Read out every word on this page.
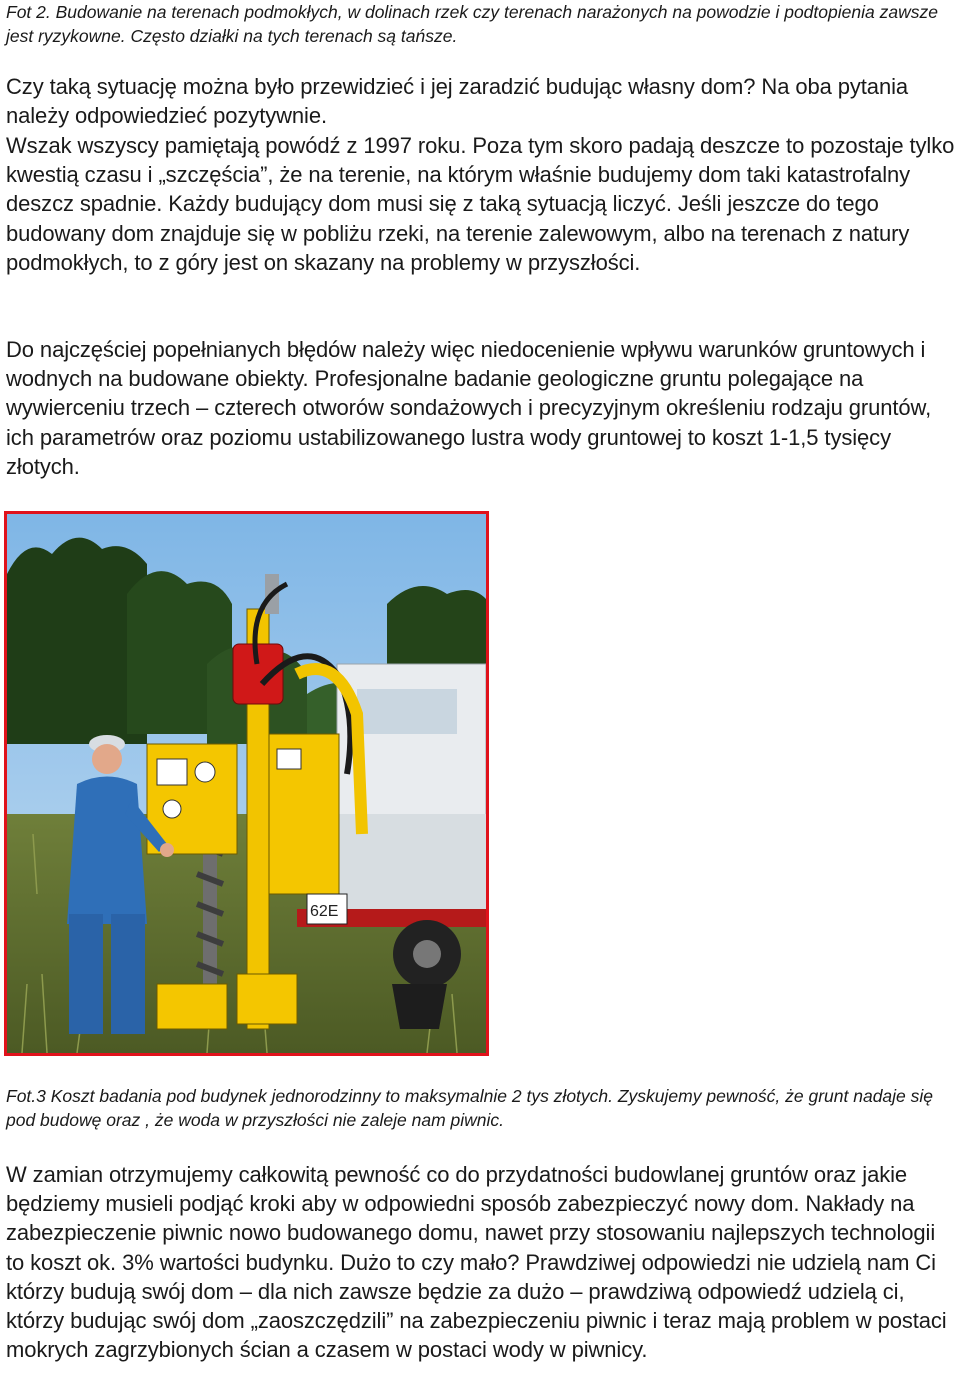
Fot 2. Budowanie na terenach podmokłych, w dolinach rzek czy terenach narażonych na powodzie i podtopienia zawsze jest ryzykowne. Często działki na tych terenach są tańsze.

Czy taką sytuację można było przewidzieć i jej zaradzić budując własny dom? Na oba pytania należy odpowiedzieć pozytywnie.

Wszak wszyscy pamiętają powódź z 1997 roku. Poza tym skoro padają deszcze to pozostaje tylko kwestią czasu i „szczęścia”, że na terenie, na którym właśnie budujemy dom taki katastrofalny deszcz spadnie. Każdy budujący dom musi się z taką sytuacją liczyć. Jeśli jeszcze do tego budowany dom znajduje się w pobliżu rzeki, na terenie zalewowym, albo na terenach z natury podmokłych, to z góry jest on skazany na problemy w przyszłości.

Do najczęściej popełnianych błędów należy więc niedocenienie wpływu warunków gruntowych i wodnych na budowane obiekty. Profesjonalne badanie geologiczne gruntu polegające na wywierceniu trzech – czterech otworów sondażowych i precyzyjnym określeniu rodzaju gruntów, ich parametrów oraz poziomu ustabilizowanego lustra wody gruntowej to koszt 1-1,5 tysięcy złotych.

62E

Fot.3 Koszt badania pod budynek jednorodzinny to maksymalnie 2 tys złotych. Zyskujemy pewność, że grunt nadaje się pod budowę oraz , że woda w przyszłości nie zaleje nam piwnic.

W zamian otrzymujemy całkowitą pewność co do przydatności budowlanej gruntów oraz jakie będziemy musieli podjąć kroki aby w odpowiedni sposób zabezpieczyć nowy dom. Nakłady na zabezpieczenie piwnic nowo budowanego domu, nawet przy stosowaniu najlepszych technologii to koszt ok. 3% wartości budynku. Dużo to czy mało? Prawdziwej odpowiedzi nie udzielą nam Ci którzy budują swój dom – dla nich zawsze będzie za dużo – prawdziwą odpowiedź udzielą ci, którzy budując swój dom „zaoszczędzili” na zabezpieczeniu piwnic i teraz mają problem w postaci mokrych zagrzybionych ścian a czasem w postaci wody w piwnicy.
